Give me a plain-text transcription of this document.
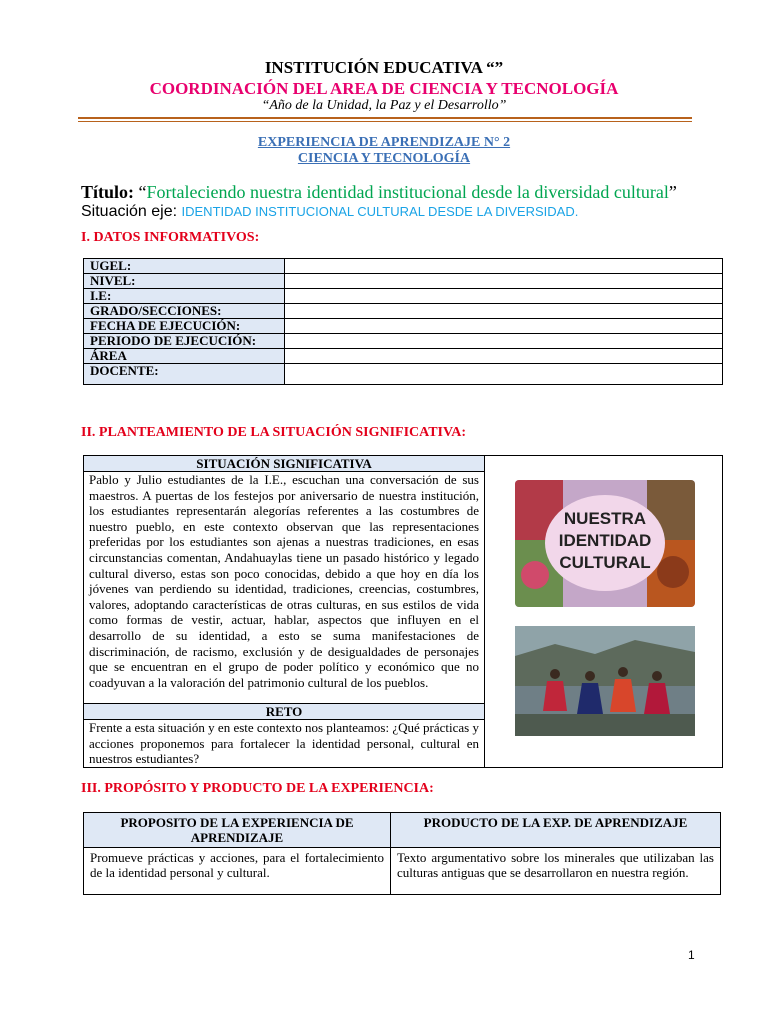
INSTITUCIÓN EDUCATIVA “”
COORDINACIÓN DEL AREA DE CIENCIA Y TECNOLOGÍA
“Año de la Unidad, la Paz y el Desarrollo”
EXPERIENCIA DE APRENDIZAJE N° 2
CIENCIA Y TECNOLOGÍA
Título: “Fortaleciendo nuestra identidad institucional desde la diversidad cultural”
Situación eje: IDENTIDAD INSTITUCIONAL CULTURAL DESDE LA DIVERSIDAD.
I. DATOS INFORMATIVOS:
UGEL:	
NIVEL:	
I.E:	
GRADO/SECCIONES:	
FECHA DE EJECUCIÓN:	
PERIODO DE EJECUCIÓN:	
ÁREA	
DOCENTE:	
II. PLANTEAMIENTO DE LA SITUACIÓN SIGNIFICATIVA:
SITUACIÓN SIGNIFICATIVA
Pablo y Julio estudiantes de la I.E., escuchan una conversación de sus maestros. A puertas de los festejos por aniversario de nuestra institución, los estudiantes representarán alegorías referentes a las costumbres de nuestro pueblo, en este contexto observan que las representaciones preferidas por los estudiantes son ajenas a nuestras tradiciones, en esas circunstancias comentan, Andahuaylas tiene un pasado histórico y legado cultural diverso, estas son poco conocidas, debido a que hoy en día los jóvenes van perdiendo su identidad, tradiciones, creencias, costumbres, valores, adoptando características de otras culturas, en sus estilos de vida como formas de vestir, actuar, hablar, aspectos que influyen en el desarrollo de su identidad, a esto se suma manifestaciones de discriminación, de racismo, exclusión y de desigualdades de personajes que se encuentran en el grupo de poder político y económico que no coadyuvan a la valoración del patrimonio cultural de los pueblos.
RETO
Frente a esta situación y en este contexto nos planteamos: ¿Qué prácticas y acciones proponemos para fortalecer la identidad personal, cultural en nuestros estudiantes?
NUESTRA
IDENTIDAD
CULTURAL
III. PROPÓSITO Y PRODUCTO DE LA EXPERIENCIA:
PROPOSITO DE LA EXPERIENCIA DE APRENDIZAJE	PRODUCTO DE LA EXP. DE APRENDIZAJE
Promueve prácticas y acciones, para el fortalecimiento de la identidad personal y cultural.	Texto argumentativo sobre los minerales que utilizaban las culturas antiguas que se desarrollaron en nuestra región.
1
